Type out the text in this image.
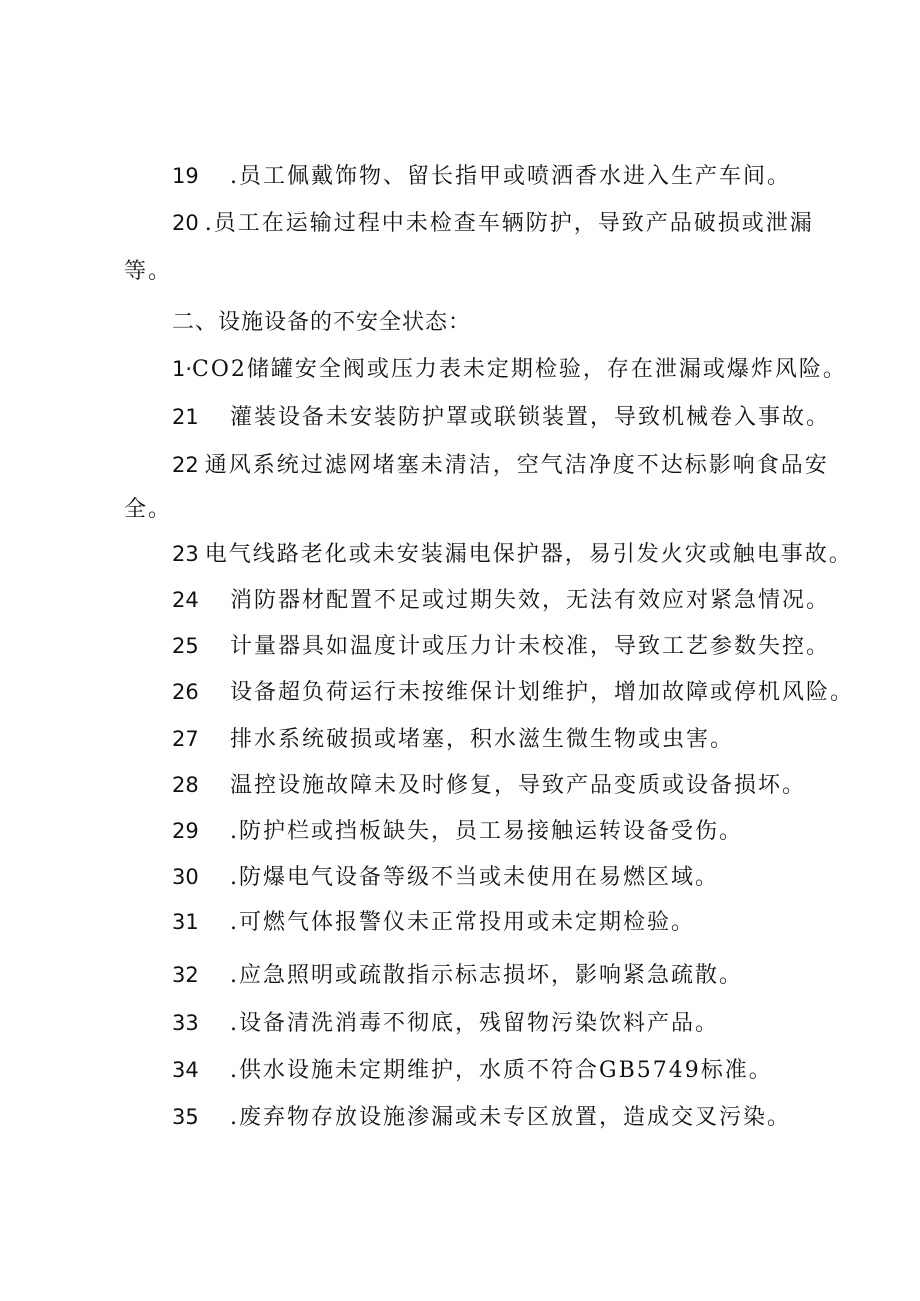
19 .员工佩戴饰物、留长指甲或喷洒香水进入生产车间。
20 .员工在运输过程中未检查车辆防护，导致产品破损或泄漏
等。
二、设施设备的不安全状态：
1·CO2储罐安全阀或压力表未定期检验，存在泄漏或爆炸风险。
21 灌装设备未安装防护罩或联锁装置，导致机械卷入事故。
22 通风系统过滤网堵塞未清洁，空气洁净度不达标影响食品安
全。
23 电气线路老化或未安装漏电保护器，易引发火灾或触电事故。
24 消防器材配置不足或过期失效，无法有效应对紧急情况。
25 计量器具如温度计或压力计未校准，导致工艺参数失控。
26 设备超负荷运行未按维保计划维护，增加故障或停机风险。
27 排水系统破损或堵塞，积水滋生微生物或虫害。
28 温控设施故障未及时修复，导致产品变质或设备损坏。
29 .防护栏或挡板缺失，员工易接触运转设备受伤。
30 .防爆电气设备等级不当或未使用在易燃区域。
31 .可燃气体报警仪未正常投用或未定期检验。
32 .应急照明或疏散指示标志损坏，影响紧急疏散。
33 .设备清洗消毒不彻底，残留物污染饮料产品。
34 .供水设施未定期维护，水质不符合GB5749标准。
35 .废弃物存放设施渗漏或未专区放置，造成交叉污染。
